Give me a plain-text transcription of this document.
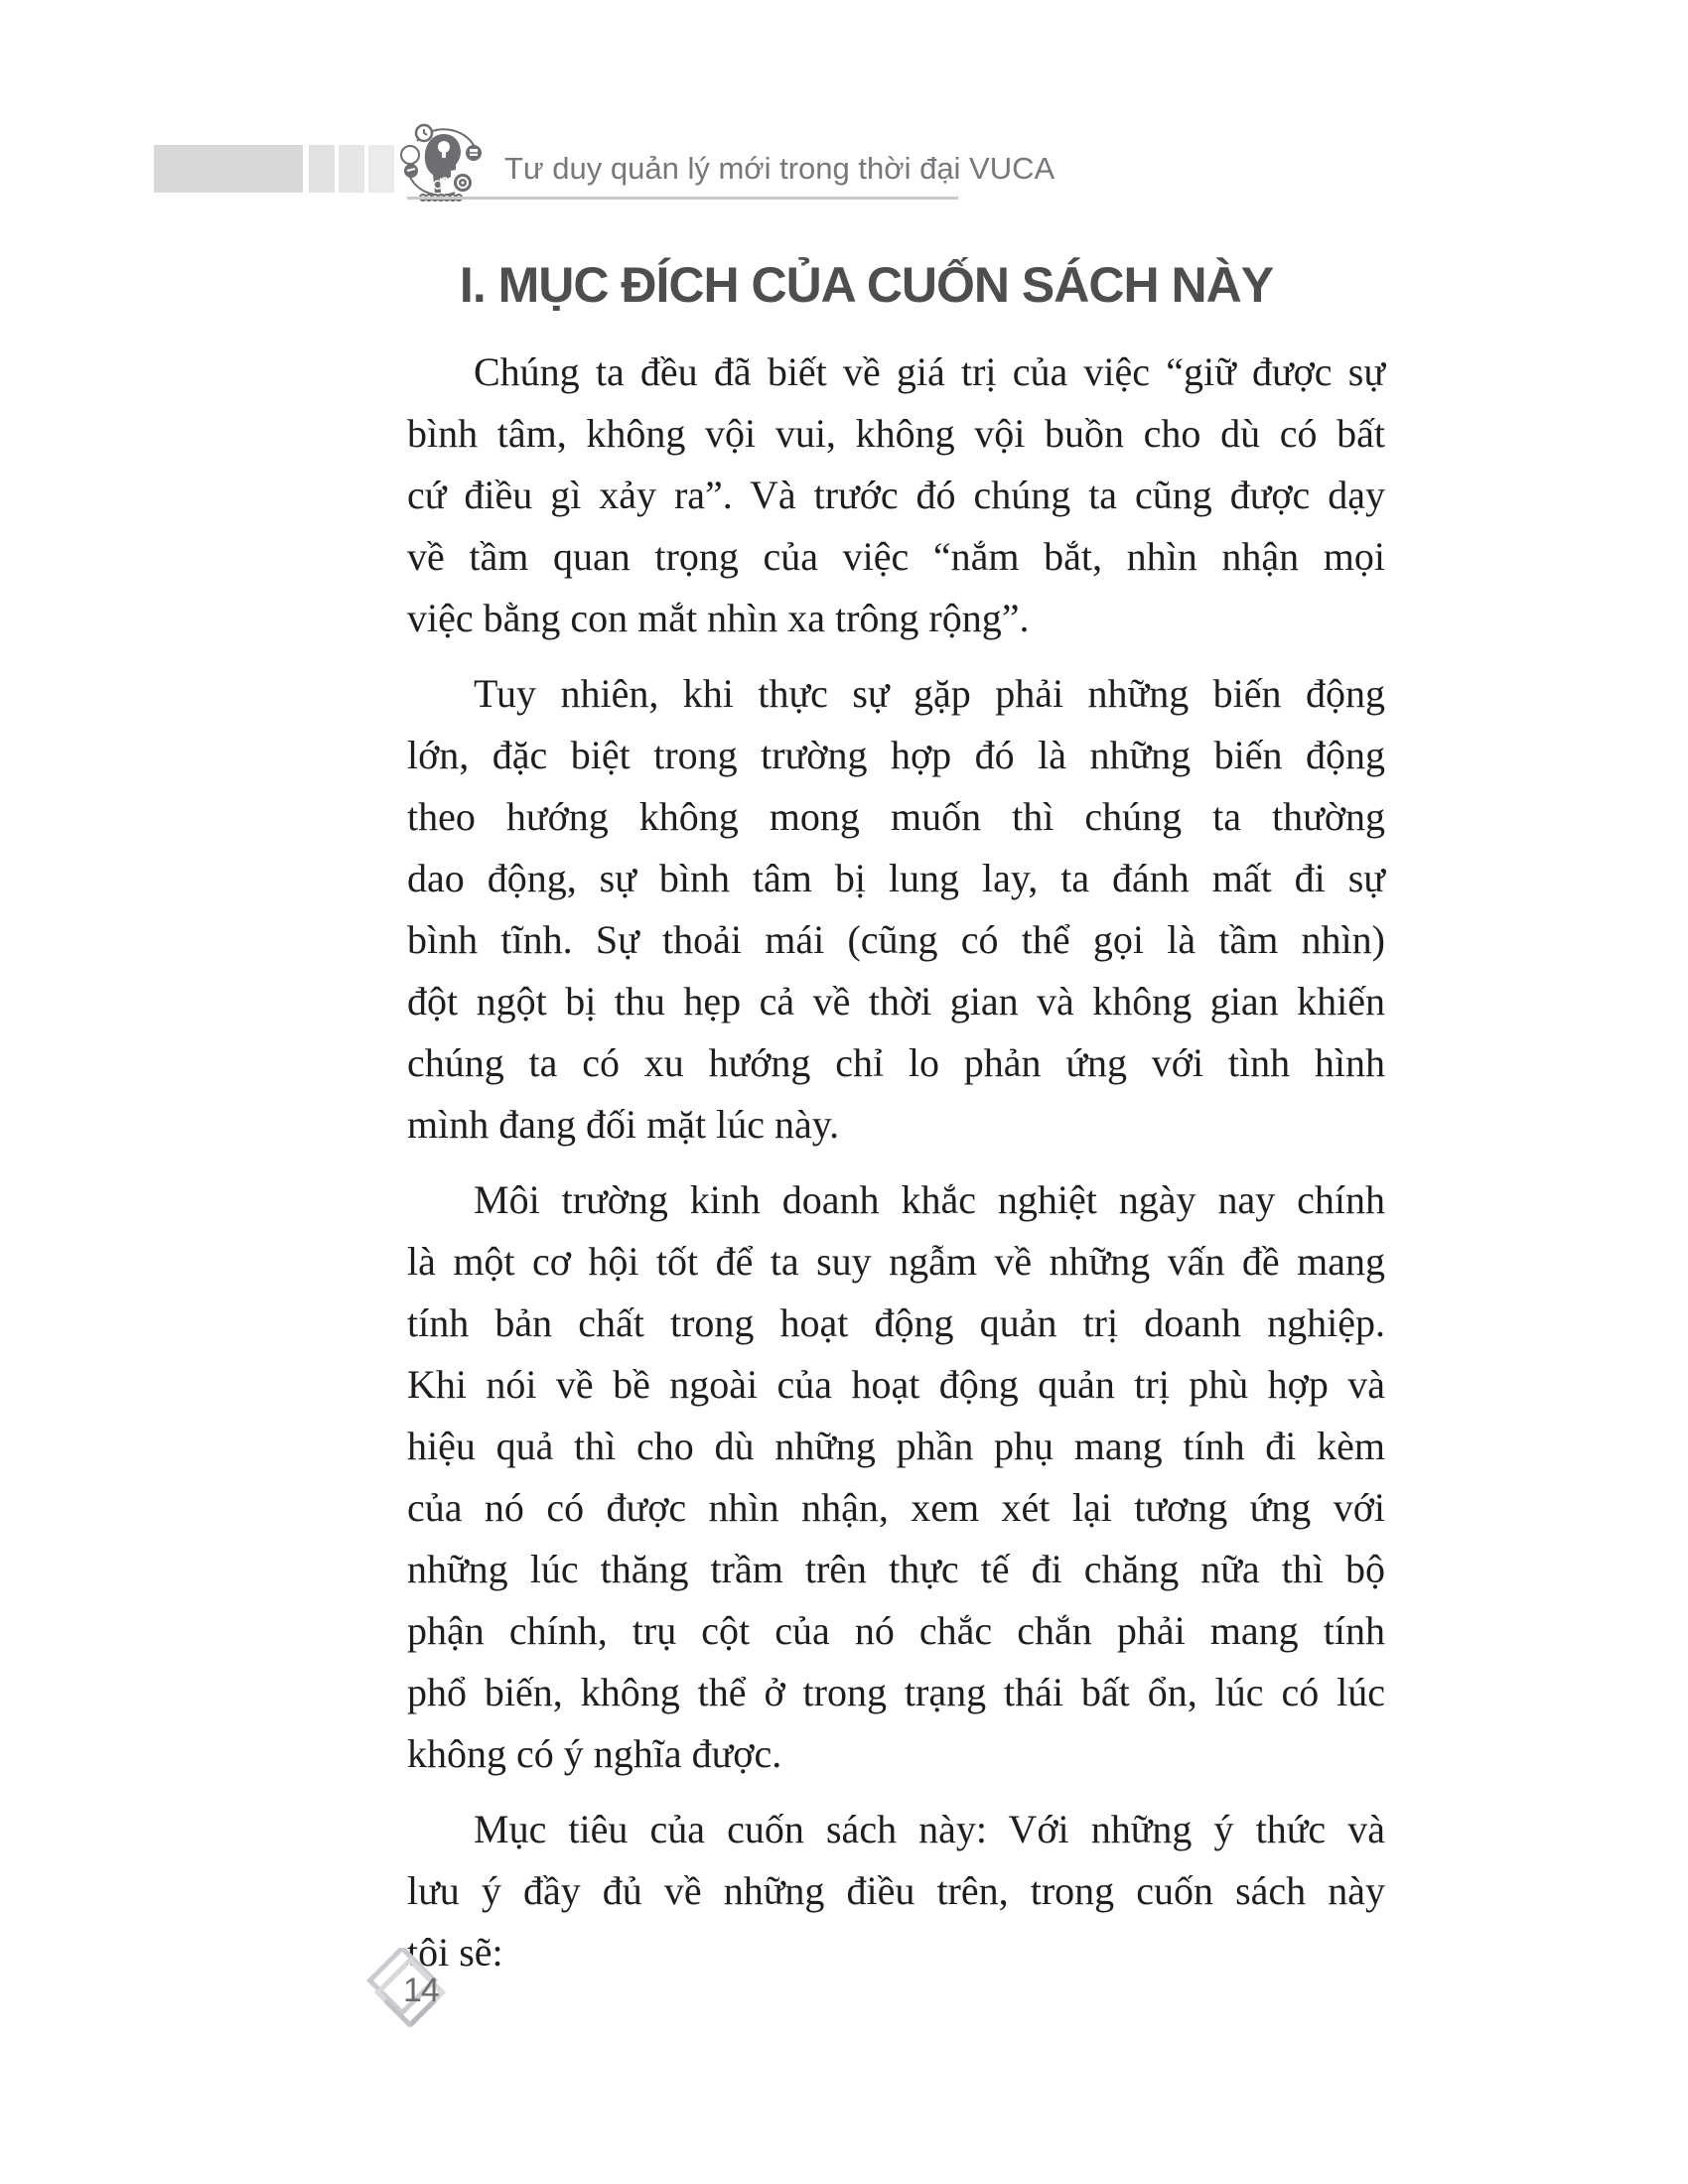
Tư duy quản lý mới trong thời đại VUCA
I. MỤC ĐÍCH CỦA CUỐN SÁCH NÀY
Chúng ta đều đã biết về giá trị của việc “giữ được sự
bình tâm, không vội vui, không vội buồn cho dù có bất
cứ điều gì xảy ra”. Và trước đó chúng ta cũng được dạy
về tầm quan trọng của việc “nắm bắt, nhìn nhận mọi
việc bằng con mắt nhìn xa trông rộng”.
Tuy nhiên, khi thực sự gặp phải những biến động
lớn, đặc biệt trong trường hợp đó là những biến động
theo hướng không mong muốn thì chúng ta thường
dao động, sự bình tâm bị lung lay, ta đánh mất đi sự
bình tĩnh. Sự thoải mái (cũng có thể gọi là tầm nhìn)
đột ngột bị thu hẹp cả về thời gian và không gian khiến
chúng ta có xu hướng chỉ lo phản ứng với tình hình
mình đang đối mặt lúc này.
Môi trường kinh doanh khắc nghiệt ngày nay chính
là một cơ hội tốt để ta suy ngẫm về những vấn đề mang
tính bản chất trong hoạt động quản trị doanh nghiệp.
Khi nói về bề ngoài của hoạt động quản trị phù hợp và
hiệu quả thì cho dù những phần phụ mang tính đi kèm
của nó có được nhìn nhận, xem xét lại tương ứng với
những lúc thăng trầm trên thực tế đi chăng nữa thì bộ
phận chính, trụ cột của nó chắc chắn phải mang tính
phổ biến, không thể ở trong trạng thái bất ổn, lúc có lúc
không có ý nghĩa được.
Mục tiêu của cuốn sách này: Với những ý thức và
lưu ý đầy đủ về những điều trên, trong cuốn sách này
tôi sẽ:
14
